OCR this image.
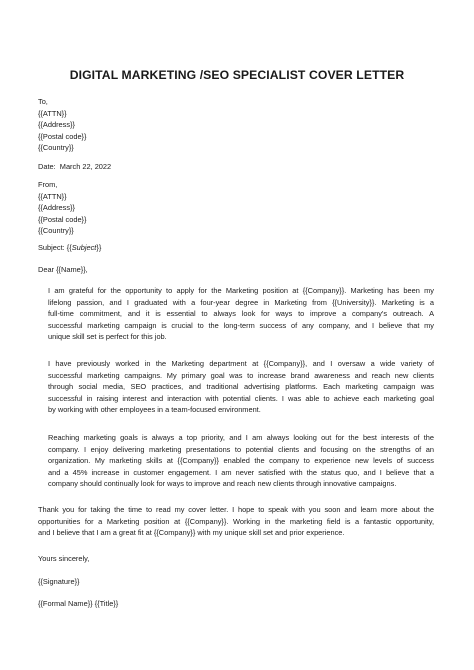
DIGITAL MARKETING /SEO SPECIALIST COVER LETTER
To,
{{ATTN}}
{{Address}}
{{Postal code}}
{{Country}}
Date: March 22, 2022
From,
{{ATTN}}
{{Address}}
{{Postal code}}
{{Country}}
Subject: {{Subject}}
Dear {{Name}},
I am grateful for the opportunity to apply for the Marketing position at {{Company}}. Marketing has been my
lifelong passion, and I graduated with a four-year degree in Marketing from {{University}}. Marketing is a
full-time commitment, and it is essential to always look for ways to improve a company's outreach. A
successful marketing campaign is crucial to the long-term success of any company, and I believe that my
unique skill set is perfect for this job.
I have previously worked in the Marketing department at {{Company}}, and I oversaw a wide variety of
successful marketing campaigns. My primary goal was to increase brand awareness and reach new clients
through social media, SEO practices, and traditional advertising platforms. Each marketing campaign was
successful in raising interest and interaction with potential clients. I was able to achieve each marketing goal
by working with other employees in a team-focused environment.
Reaching marketing goals is always a top priority, and I am always looking out for the best interests of the
company. I enjoy delivering marketing presentations to potential clients and focusing on the strengths of an
organization. My marketing skills at {{Company}} enabled the company to experience new levels of success
and a 45% increase in customer engagement. I am never satisfied with the status quo, and I believe that a
company should continually look for ways to improve and reach new clients through innovative campaigns.
Thank you for taking the time to read my cover letter. I hope to speak with you soon and learn more about the
opportunities for a Marketing position at {{Company}}. Working in the marketing field is a fantastic opportunity,
and I believe that I am a great fit at {{Company}} with my unique skill set and prior experience.
Yours sincerely,
{{Signature}}
{{Formal Name}} {{Title}}
